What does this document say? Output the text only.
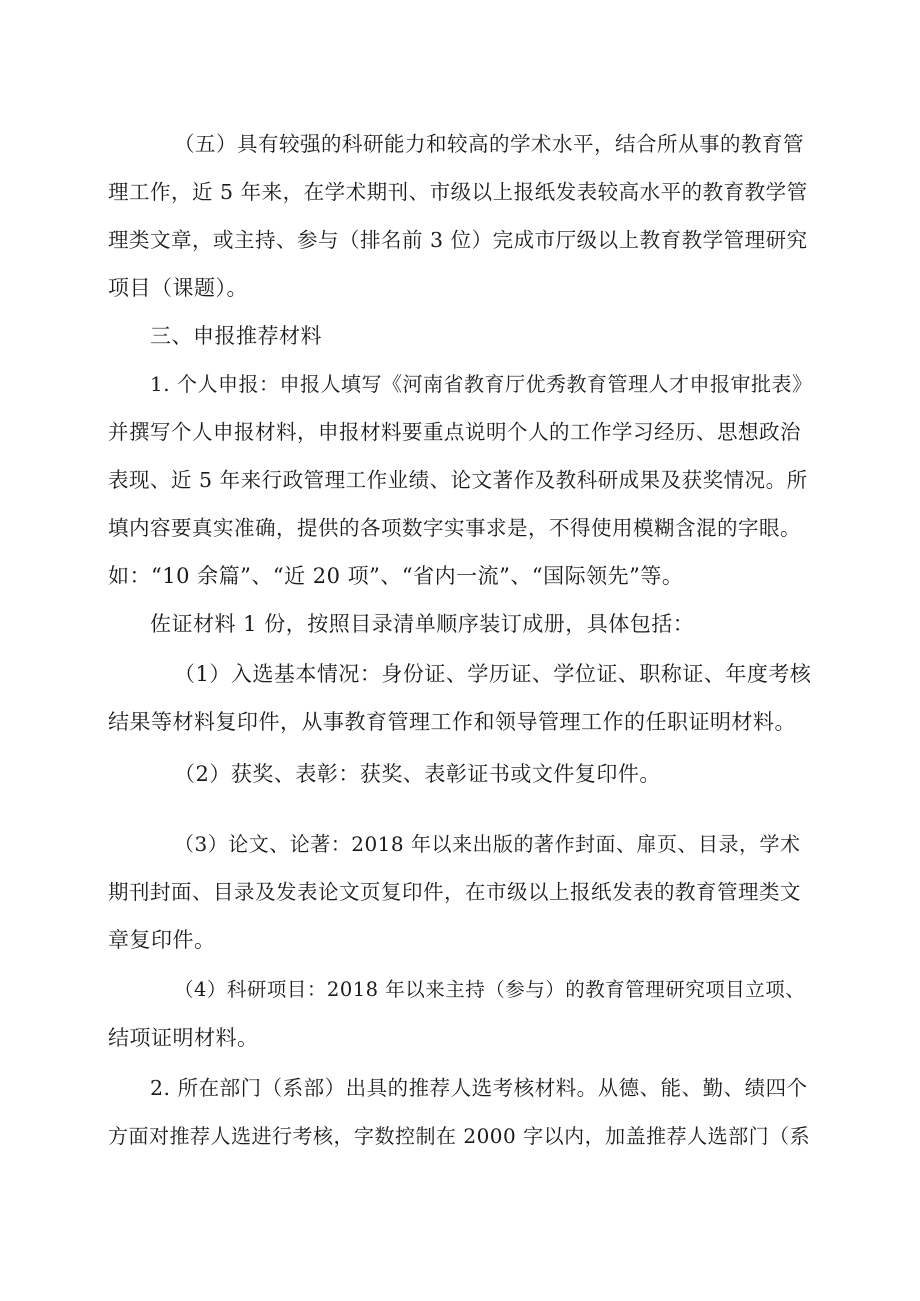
（五）具有较强的科研能力和较高的学术水平，结合所从事的教育管
理工作，近 5 年来，在学术期刊、市级以上报纸发表较高水平的教育教学管
理类文章，或主持、参与（排名前 3 位）完成市厅级以上教育教学管理研究
项目（课题）。
三、申报推荐材料
1. 个人申报：申报人填写《河南省教育厅优秀教育管理人才申报审批表》
并撰写个人申报材料，申报材料要重点说明个人的工作学习经历、思想政治
表现、近 5 年来行政管理工作业绩、论文著作及教科研成果及获奖情况。所
填内容要真实准确，提供的各项数字实事求是，不得使用模糊含混的字眼。
如：“10 余篇”、“近 20 项”、“省内一流”、“国际领先”等。
佐证材料 1 份，按照目录清单顺序装订成册，具体包括：
（1）入选基本情况：身份证、学历证、学位证、职称证、年度考核
结果等材料复印件，从事教育管理工作和领导管理工作的任职证明材料。
（2）获奖、表彰：获奖、表彰证书或文件复印件。
（3）论文、论著：2018 年以来出版的著作封面、扉页、目录，学术
期刊封面、目录及发表论文页复印件，在市级以上报纸发表的教育管理类文
章复印件。
（4）科研项目：2018 年以来主持（参与）的教育管理研究项目立项、
结项证明材料。
2. 所在部门（系部）出具的推荐人选考核材料。从德、能、勤、绩四个
方面对推荐人选进行考核，字数控制在 2000 字以内，加盖推荐人选部门（系
